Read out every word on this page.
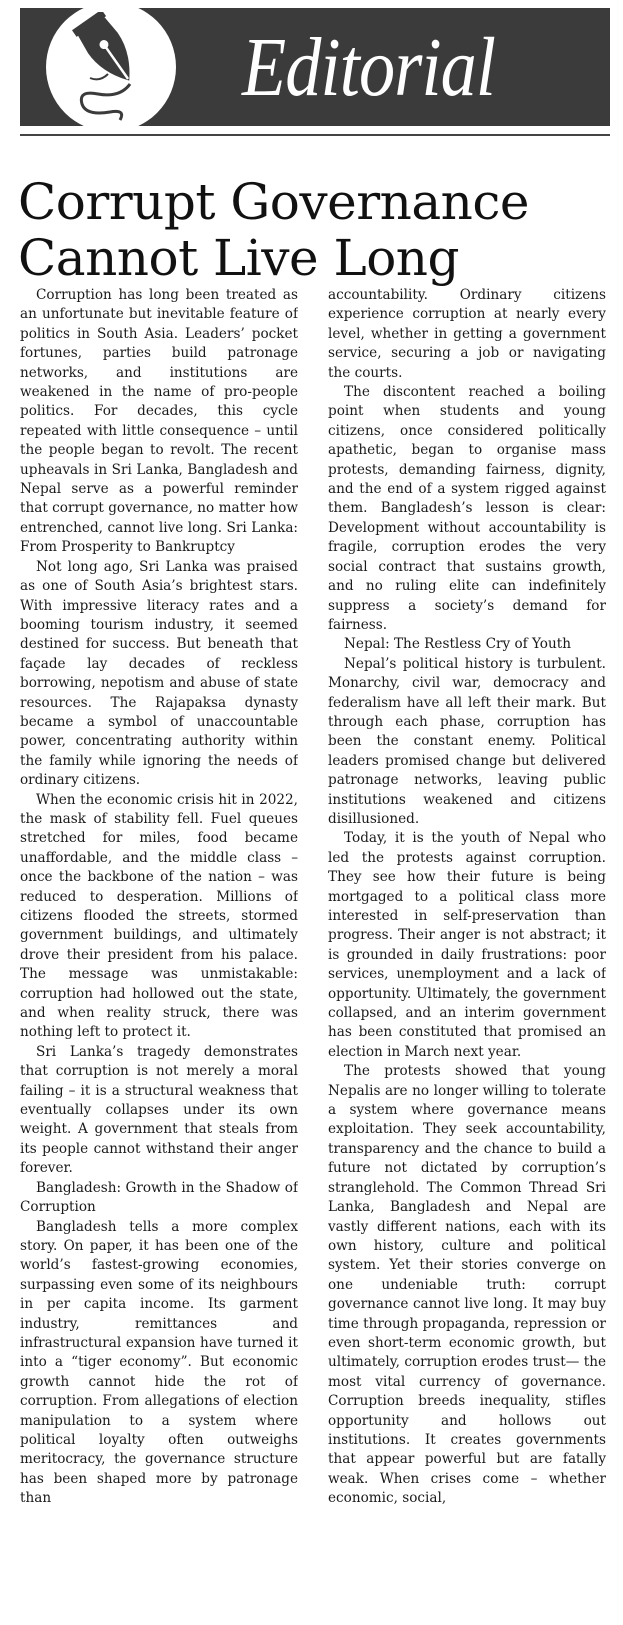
Editorial
Corrupt Governance
Cannot Live Long

Corruption has long been treated as an unfortunate but inevitable feature of politics in South Asia. Leaders’ pocket fortunes, parties build patronage networks, and institutions are weakened in the name of pro-people politics. For decades, this cycle repeated with little consequence – until the people began to revolt. The recent upheavals in Sri Lanka, Bangladesh and Nepal serve as a powerful reminder that corrupt governance, no matter how entrenched, cannot live long. Sri Lanka: From Prosperity to Bankruptcy

Not long ago, Sri Lanka was praised as one of South Asia’s brightest stars. With impressive literacy rates and a booming tourism industry, it seemed destined for success. But beneath that façade lay decades of reckless borrowing, nepotism and abuse of state resources. The Rajapaksa dynasty became a symbol of unaccountable power, concentrating authority within the family while ignoring the needs of ordinary citizens.

When the economic crisis hit in 2022, the mask of stability fell. Fuel queues stretched for miles, food became unaffordable, and the middle class – once the backbone of the nation – was reduced to desperation. Millions of citizens flooded the streets, stormed government buildings, and ultimately drove their president from his palace. The message was unmistakable: corruption had hollowed out the state, and when reality struck, there was nothing left to protect it.

Sri Lanka’s tragedy demonstrates that corruption is not merely a moral failing – it is a structural weakness that eventually collapses under its own weight. A government that steals from its people cannot withstand their anger forever.

Bangladesh: Growth in the Shadow of Corruption

Bangladesh tells a more complex story. On paper, it has been one of the world’s fastest-growing economies, surpassing even some of its neighbours in per capita income. Its garment industry, remittances and infrastructural expansion have turned it into a “tiger economy”. But economic growth cannot hide the rot of corruption. From allegations of election manipulation to a system where political loyalty often outweighs meritocracy, the governance structure has been shaped more by patronage than

accountability. Ordinary citizens experience corruption at nearly every level, whether in getting a government service, securing a job or navigating the courts.

The discontent reached a boiling point when students and young citizens, once considered politically apathetic, began to organise mass protests, demanding fairness, dignity, and the end of a system rigged against them. Bangladesh’s lesson is clear: Development without accountability is fragile, corruption erodes the very social contract that sustains growth, and no ruling elite can indefinitely suppress a society’s demand for fairness.

Nepal: The Restless Cry of Youth

Nepal’s political history is turbulent. Monarchy, civil war, democracy and federalism have all left their mark. But through each phase, corruption has been the constant enemy. Political leaders promised change but delivered patronage networks, leaving public institutions weakened and citizens disillusioned.

Today, it is the youth of Nepal who led the protests against corruption. They see how their future is being mortgaged to a political class more interested in self-preservation than progress. Their anger is not abstract; it is grounded in daily frustrations: poor services, unemployment and a lack of opportunity. Ultimately, the government collapsed, and an interim government has been constituted that promised an election in March next year.

The protests showed that young Nepalis are no longer willing to tolerate a system where governance means exploitation. They seek accountability, transparency and the chance to build a future not dictated by corruption’s stranglehold. The Common Thread Sri Lanka, Bangladesh and Nepal are vastly different nations, each with its own history, culture and political system. Yet their stories converge on one undeniable truth: corrupt governance cannot live long. It may buy time through propaganda, repression or even short-term economic growth, but ultimately, corruption erodes trust— the most vital currency of governance. Corruption breeds inequality, stifles opportunity and hollows out institutions. It creates governments that appear powerful but are fatally weak. When crises come – whether economic, social,
